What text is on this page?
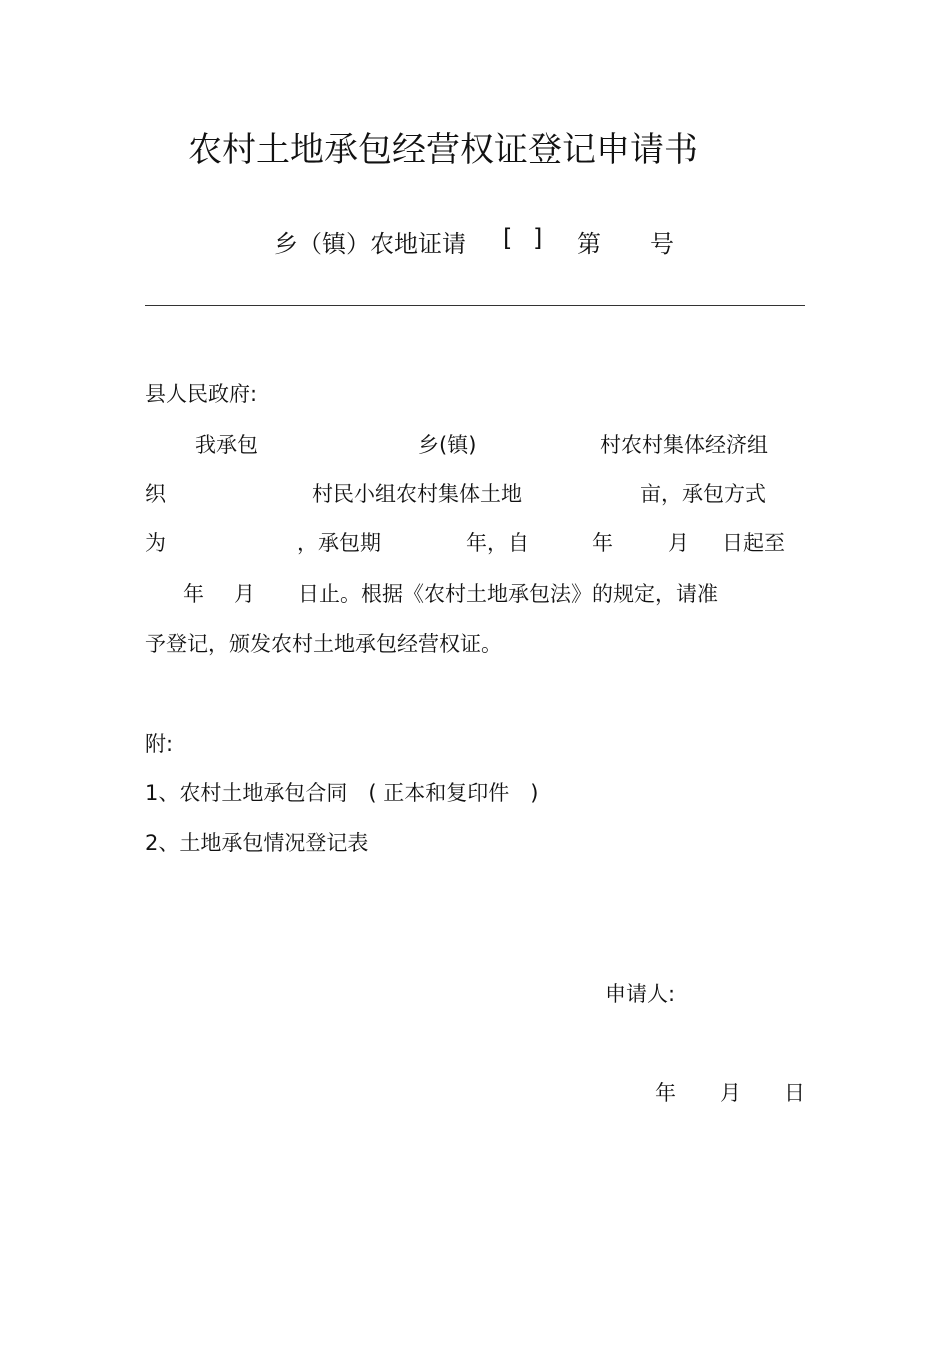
农村土地承包经营权证登记申请书
乡（镇）农地证请 [ ] 第 号
县人民政府:
我承包	乡(镇)	村农村集体经济组
织	村民小组农村集体土地	亩，承包方式
为	，承包期	年，自	年	月 日起至
年 月 日止。根据《农村土地承包法》的规定，请准
予登记，颁发农村土地承包经营权证。
附:
1、农村土地承包合同　( 正本和复印件　)
2、土地承包情况登记表
申请人:
年 月 日
